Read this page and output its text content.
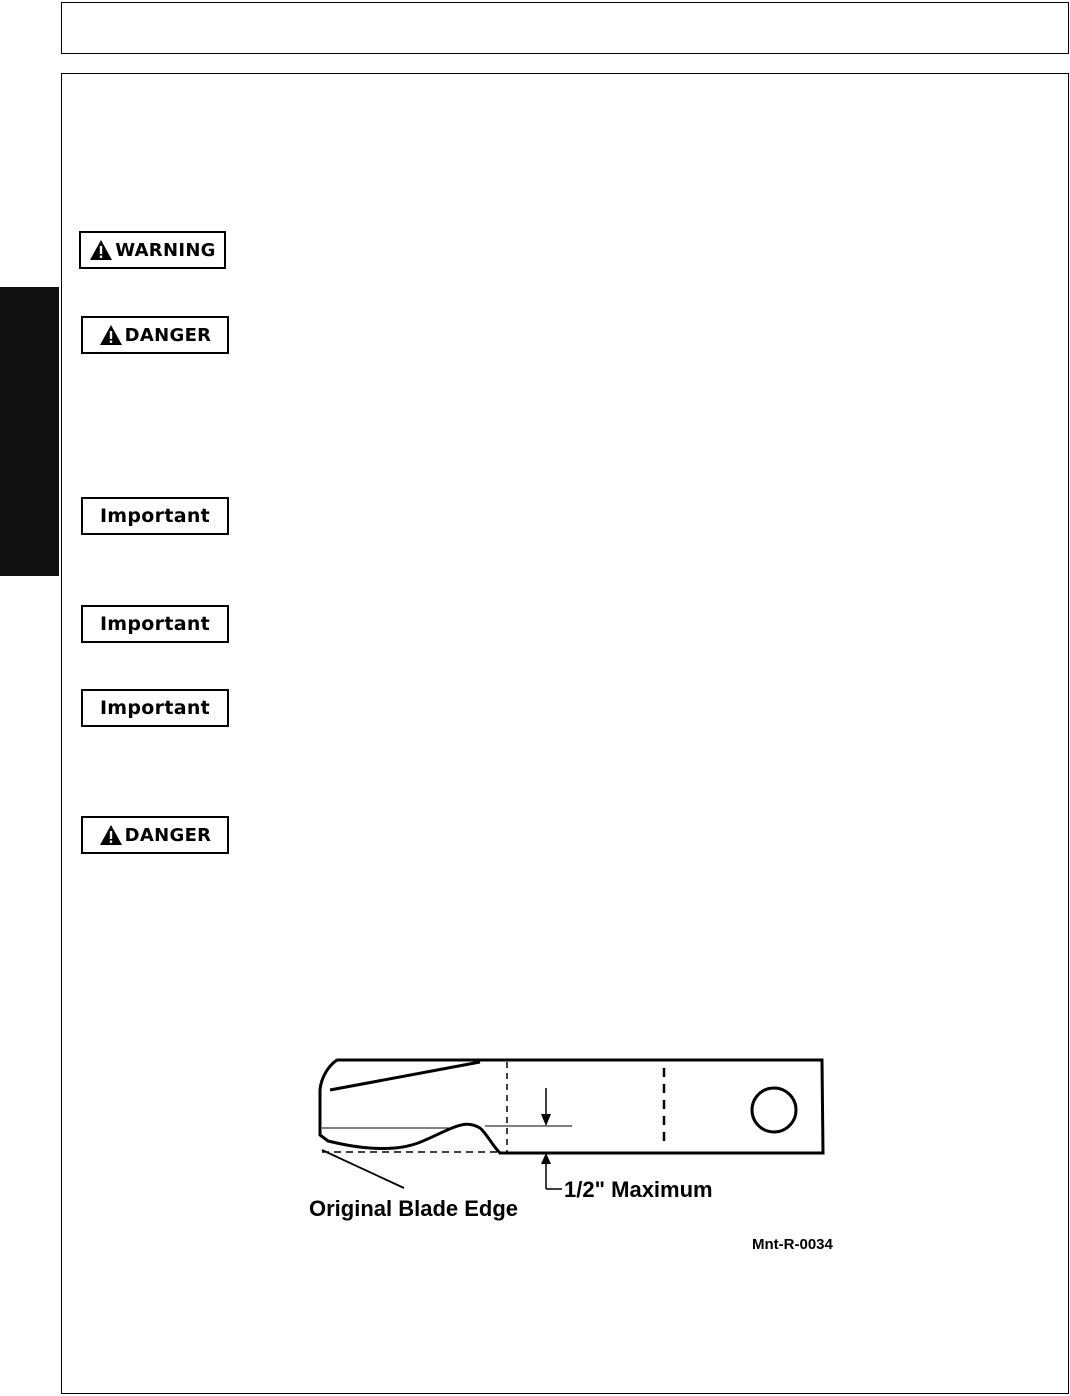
WARNING
DANGER
Important
Important
Important
DANGER
1/2" Maximum
Original Blade Edge
Mnt-R-0034
